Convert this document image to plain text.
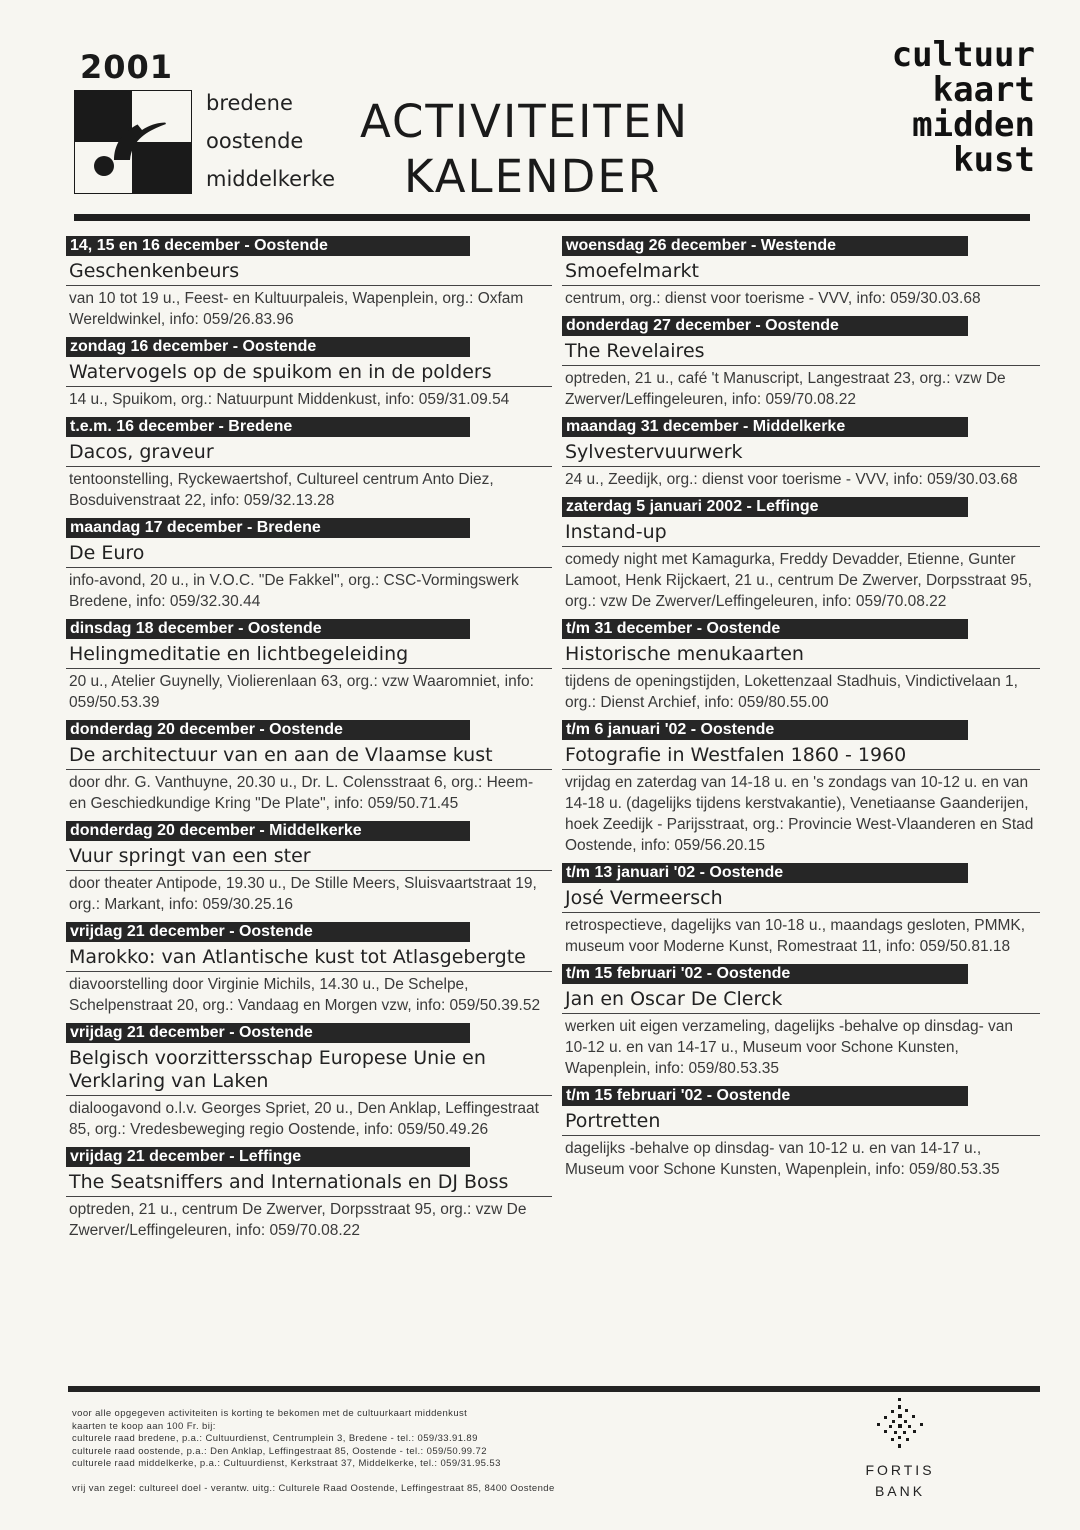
2001
bredene
oostende
middelkerke
ACTIVITEITEN
KALENDER
cultuur
kaart
midden
kust
14, 15 en 16 december - Oostende
Geschenkenbeurs
van 10 tot 19 u., Feest- en Kultuurpaleis, Wapenplein, org.: Oxfam Wereldwinkel, info: 059/26.83.96
zondag 16 december - Oostende
Watervogels op de spuikom en in de polders
14 u., Spuikom, org.: Natuurpunt Middenkust, info: 059/31.09.54
t.e.m. 16 december - Bredene
Dacos, graveur
tentoonstelling, Ryckewaertshof, Cultureel centrum Anto Diez, Bosduivenstraat 22, info: 059/32.13.28
maandag 17 december - Bredene
De Euro
info-avond, 20 u., in V.O.C. "De Fakkel", org.: CSC-Vormingswerk Bredene, info: 059/32.30.44
dinsdag 18 december - Oostende
Helingmeditatie en lichtbegeleiding
20 u., Atelier Guynelly, Violierenlaan 63, org.: vzw Waaromniet, info: 059/50.53.39
donderdag 20 december - Oostende
De architectuur van en aan de Vlaamse kust
door dhr. G. Vanthuyne, 20.30 u., Dr. L. Colensstraat 6, org.: Heem- en Geschiedkundige Kring "De Plate", info: 059/50.71.45
donderdag 20 december - Middelkerke
Vuur springt van een ster
door theater Antipode, 19.30 u., De Stille Meers, Sluisvaartstraat 19, org.: Markant, info: 059/30.25.16
vrijdag 21 december - Oostende
Marokko: van Atlantische kust tot Atlasgebergte
diavoorstelling door Virginie Michils, 14.30 u., De Schelpe, Schelpenstraat 20, org.: Vandaag en Morgen vzw, info: 059/50.39.52
vrijdag 21 december - Oostende
Belgisch voorzittersschap Europese Unie en Verklaring van Laken
dialoogavond o.l.v. Georges Spriet, 20 u., Den Anklap, Leffingestraat 85, org.: Vredesbeweging regio Oostende, info: 059/50.49.26
vrijdag 21 december - Leffinge
The Seatsniffers and Internationals en DJ Boss
optreden, 21 u., centrum De Zwerver, Dorpsstraat 95, org.: vzw De Zwerver/Leffingeleuren, info: 059/70.08.22
woensdag 26 december - Westende
Smoefelmarkt
centrum, org.: dienst voor toerisme - VVV, info: 059/30.03.68
donderdag 27 december - Oostende
The Revelaires
optreden, 21 u., café 't Manuscript, Langestraat 23, org.: vzw De Zwerver/Leffingeleuren, info: 059/70.08.22
maandag 31 december - Middelkerke
Sylvestervuurwerk
24 u., Zeedijk, org.: dienst voor toerisme - VVV, info: 059/30.03.68
zaterdag 5 januari 2002 - Leffinge
Instand-up
comedy night met Kamagurka, Freddy Devadder, Etienne, Gunter Lamoot, Henk Rijckaert, 21 u., centrum De Zwerver, Dorpsstraat 95, org.: vzw De Zwerver/Leffingeleuren, info: 059/70.08.22
t/m 31 december - Oostende
Historische menukaarten
tijdens de openingstijden, Lokettenzaal Stadhuis, Vindictivelaan 1, org.: Dienst Archief, info: 059/80.55.00
t/m 6 januari '02 - Oostende
Fotografie in Westfalen 1860 - 1960
vrijdag en zaterdag van 14-18 u. en 's zondags van 10-12 u. en van 14-18 u. (dagelijks tijdens kerstvakantie), Venetiaanse Gaanderijen, hoek Zeedijk - Parijsstraat, org.: Provincie West-Vlaanderen en Stad Oostende, info: 059/56.20.15
t/m 13 januari '02 - Oostende
José Vermeersch
retrospectieve, dagelijks van 10-18 u., maandags gesloten, PMMK, museum voor Moderne Kunst, Romestraat 11, info: 059/50.81.18
t/m 15 februari '02 - Oostende
Jan en Oscar De Clerck
werken uit eigen verzameling, dagelijks -behalve op dinsdag- van 10-12 u. en van 14-17 u., Museum voor Schone Kunsten, Wapenplein, info: 059/80.53.35
t/m 15 februari '02 - Oostende
Portretten
dagelijks -behalve op dinsdag- van 10-12 u. en van 14-17 u., Museum voor Schone Kunsten, Wapenplein, info: 059/80.53.35
voor alle opgegeven activiteiten is korting te bekomen met de cultuurkaart middenkust
kaarten te koop aan 100 Fr. bij:
culturele raad bredene, p.a.: Cultuurdienst, Centrumplein 3, Bredene - tel.: 059/33.91.89
culturele raad oostende, p.a.: Den Anklap, Leffingestraat 85, Oostende - tel.: 059/50.99.72
culturele raad middelkerke, p.a.: Cultuurdienst, Kerkstraat 37, Middelkerke, tel.: 059/31.95.53
vrij van zegel: cultureel doel - verantw. uitg.: Culturele Raad Oostende, Leffingestraat 85, 8400 Oostende
FORTIS
BANK
